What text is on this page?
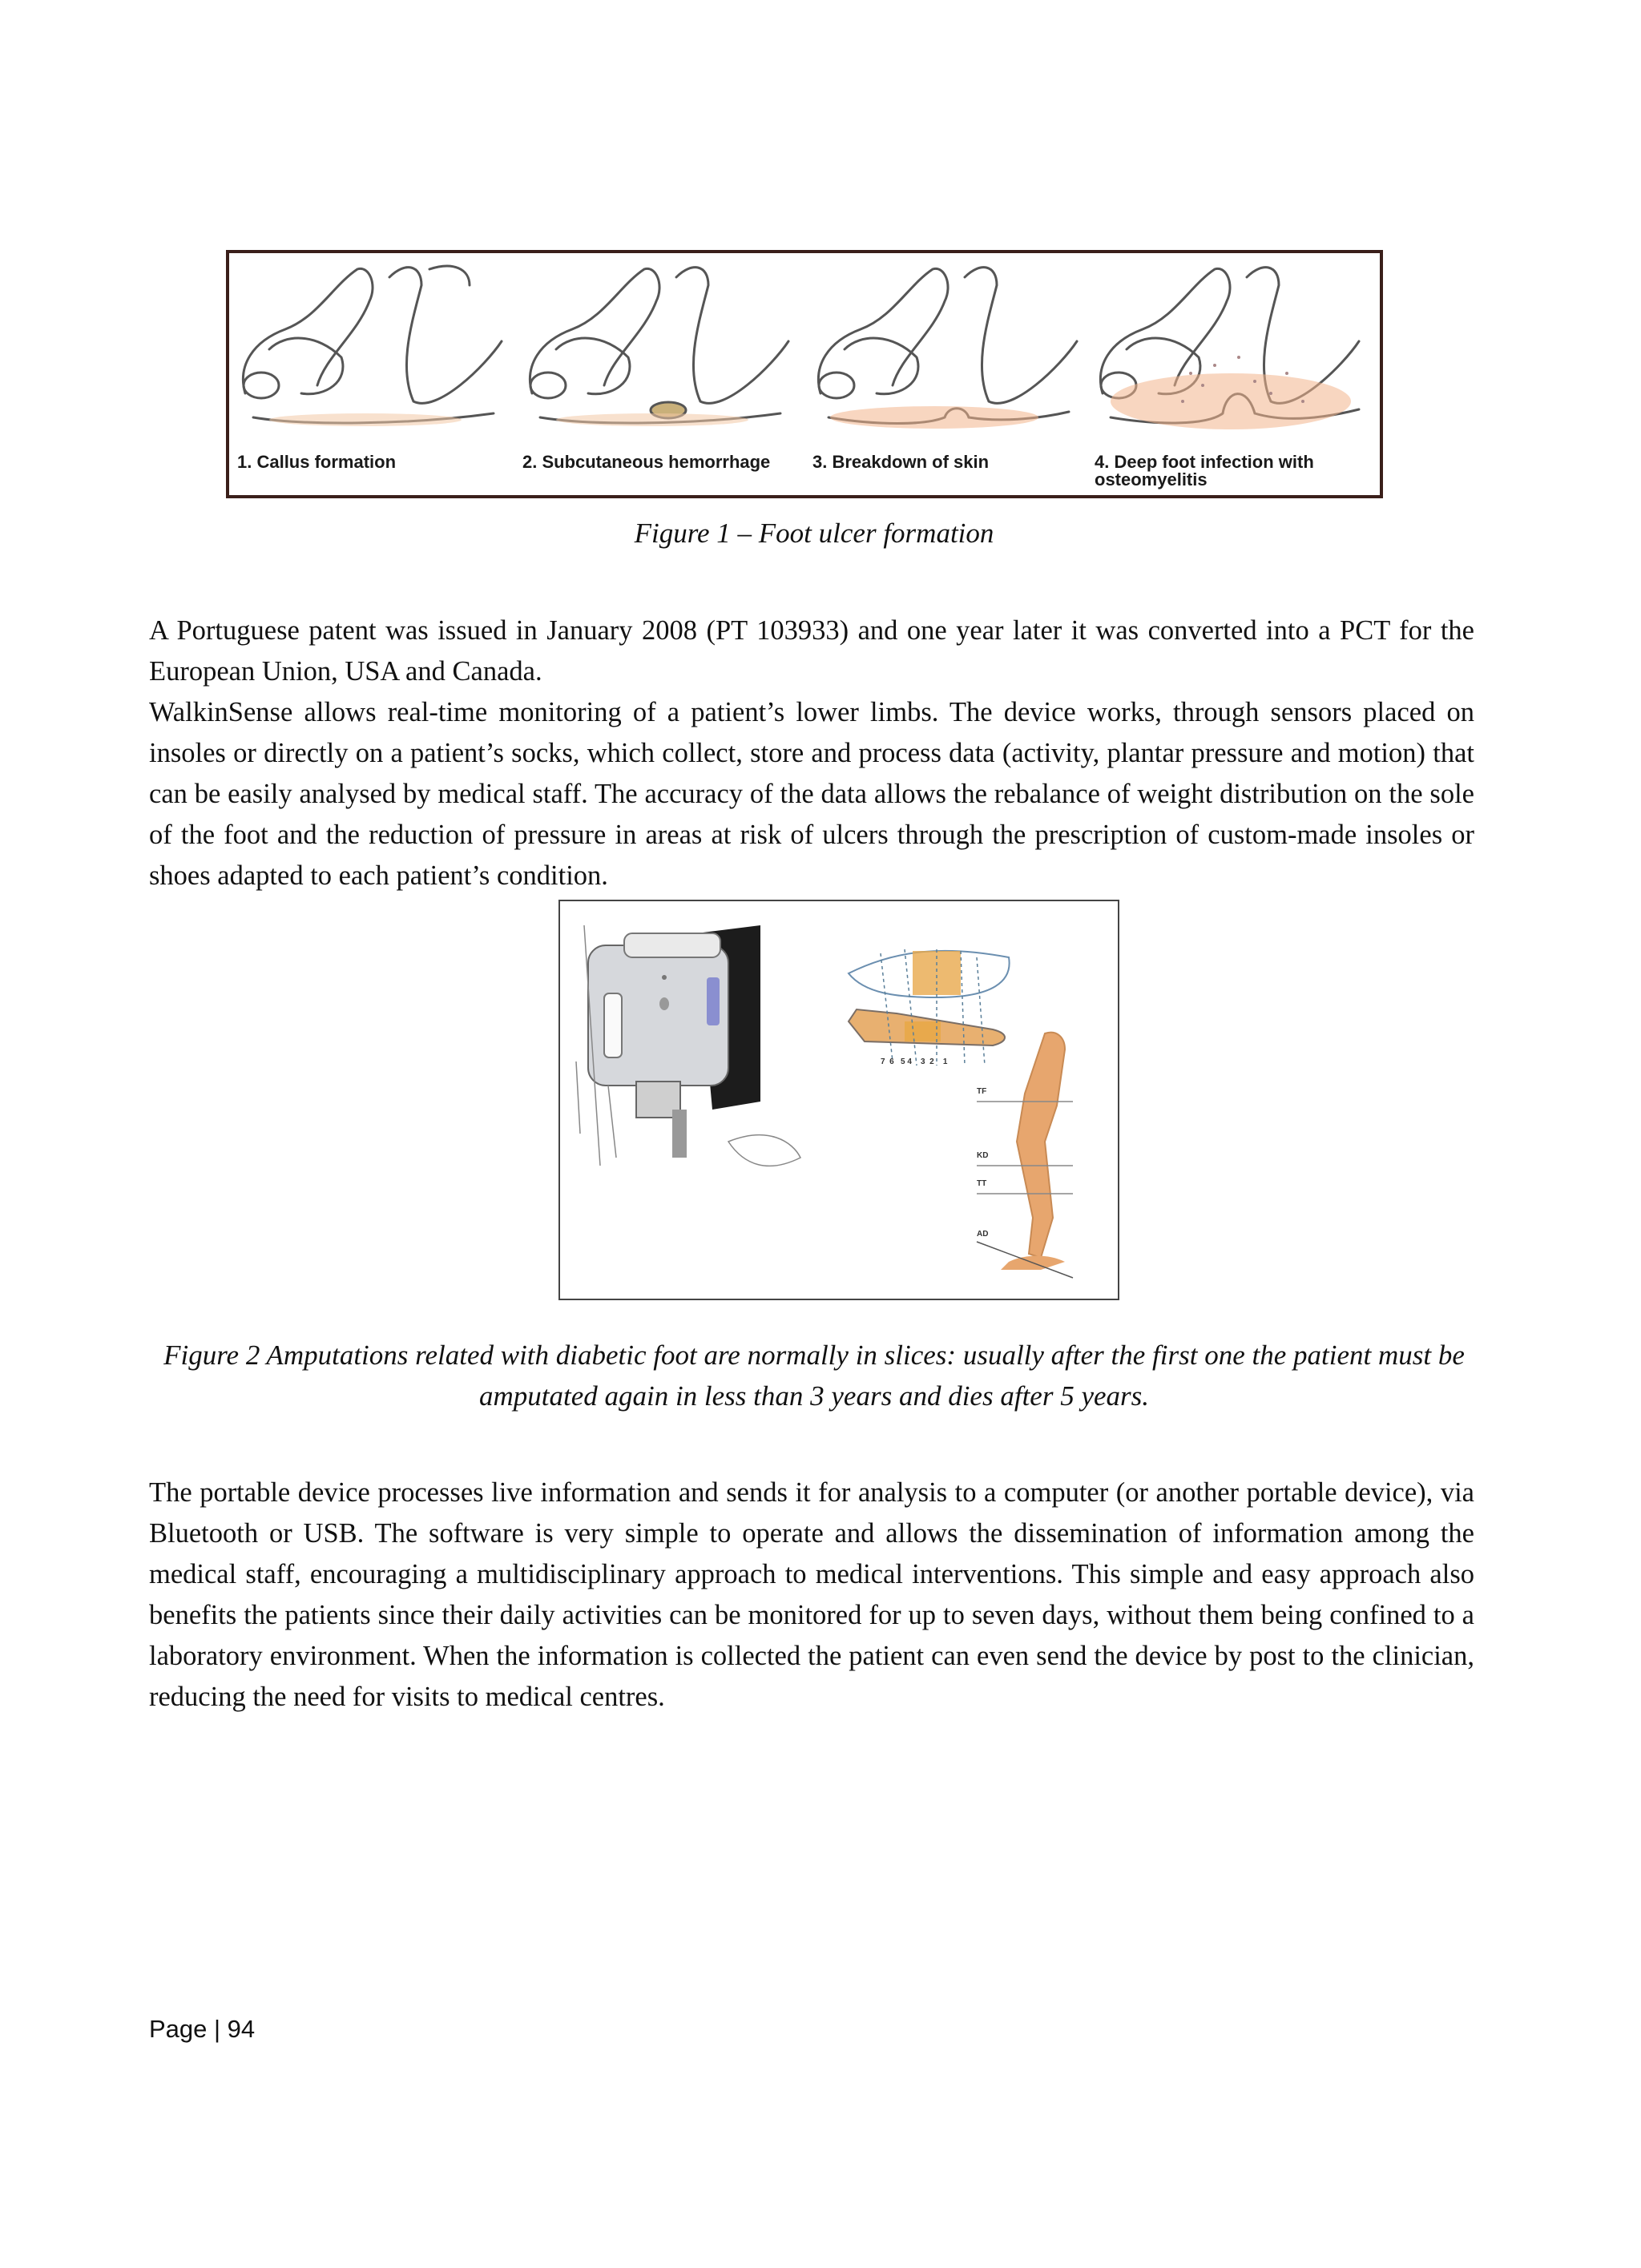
1. Callus formation	2. Subcutaneous hemorrhage 3. Breakdown of skin	4. Deep foot infection with osteomyelitis
Figure 1 – Foot ulcer formation

A Portuguese patent was issued in January 2008 (PT 103933) and one year later it was converted into a PCT for the European Union, USA and Canada.

WalkinSense allows real-time monitoring of a patient’s lower limbs. The device works, through sensors placed on insoles or directly on a patient’s socks, which collect, store and process data (activity, plantar pressure and motion) that can be easily analysed by medical staff. The accuracy of the data allows the rebalance of weight distribution on the sole of the foot and the reduction of pressure in areas at risk of ulcers through the prescription of custom-made insoles or shoes adapted to each patient’s condition.

7  6   5 4    3  2    1
TF
KD
TT
AD
Figure 2 Amputations related with diabetic foot are normally in slices: usually after the first one the patient must be amputated again in less than 3 years and dies after 5 years.

The portable device processes live information and sends it for analysis to a computer (or another portable device), via Bluetooth or USB. The software is very simple to operate and allows the dissemination of information among the medical staff, encouraging a multidisciplinary approach to medical interventions. This simple and easy approach also benefits the patients since their daily activities can be monitored for up to seven days, without them being confined to a laboratory environment. When the information is collected the patient can even send the device by post to the clinician, reducing the need for visits to medical centres.

Page | 94
